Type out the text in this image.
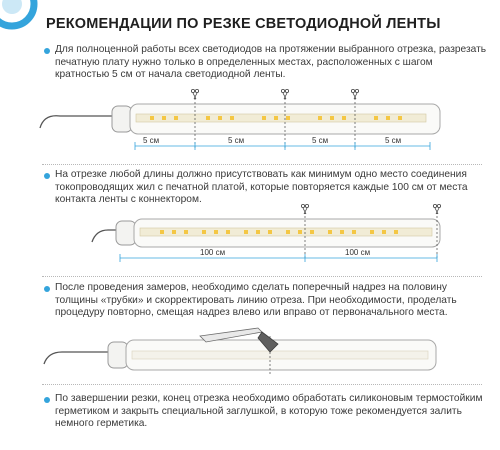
РЕКОМЕНДАЦИИ ПО РЕЗКЕ СВЕТОДИОДНОЙ ЛЕНТЫ
Для полноценной работы всех светодиодов на протяжении выбранного отрезка, разрезать печатную плату нужно только в определенных местах, расположенных с шагом кратностью 5 см от начала светодиодной ленты.
5 см	5 см	5 см	5 см
На отрезке любой длины должно присутствовать как минимум одно место соединения токопроводящих жил с печатной платой, которые повторяется каждые 100 см от места контакта ленты с коннектором.
100 см	100 см
После проведения замеров, необходимо сделать поперечный надрез на половину толщины «трубки» и скорректировать линию отреза. При необходимости, проделать процедуру повторно, смещая надрез влево или вправо от первоначального места.
По завершении резки, конец отрезка необходимо обработать силиконовым термостойким герметиком и закрыть специальной заглушкой, в которую тоже рекомендуется залить немного герметика.
